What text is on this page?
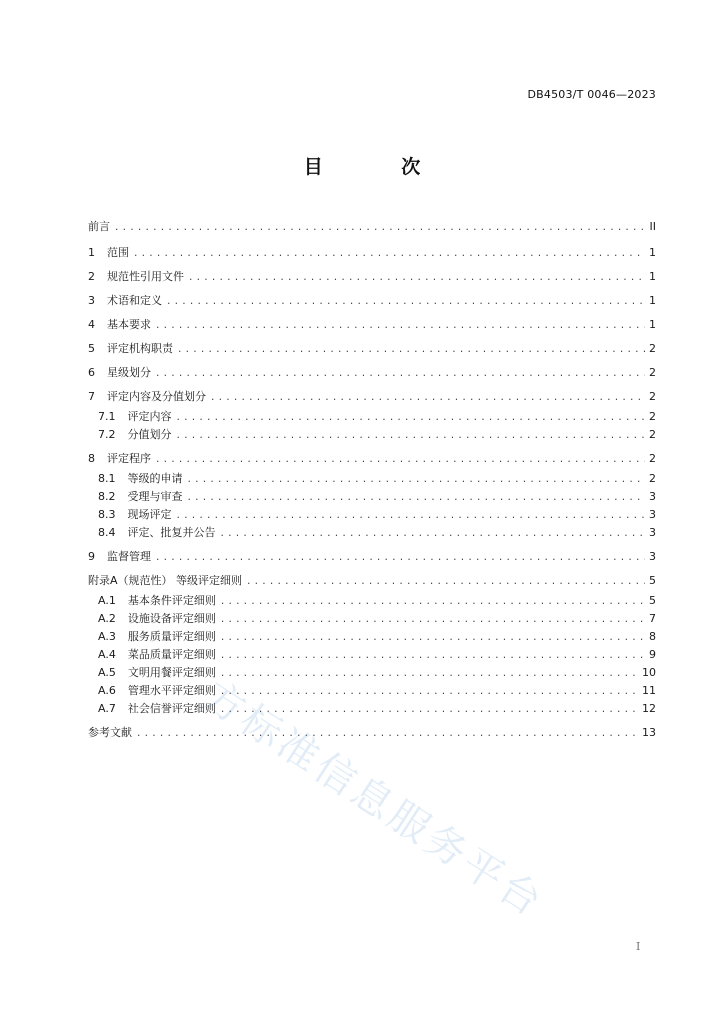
DB4503/T 0046—2023
目 次
前言 .....	II
1 范围 .....	1
2 规范性引用文件 .....	1
3 术语和定义 .....	1
4 基本要求 .....	1
5 评定机构职责 .....	2
6 星级划分 .....	2
7 评定内容及分值划分 .....	2
7.1 评定内容 .....	2
7.2 分值划分 .....	2
8 评定程序 .....	2
8.1 等级的申请 .....	2
8.2 受理与审查 .....	3
8.3 现场评定 .....	3
8.4 评定、批复并公告 .....	3
9 监督管理 .....	3
附录A（规范性） 等级评定细则 .....	5
A.1 基本条件评定细则 .....	5
A.2 设施设备评定细则 .....	7
A.3 服务质量评定细则 .....	8
A.4 菜品质量评定细则 .....	9
A.5 文明用餐评定细则 .....	10
A.6 管理水平评定细则 .....	11
A.7 社会信誉评定细则 .....	12
参考文献 .....	13
I
方标准信息服务平台
